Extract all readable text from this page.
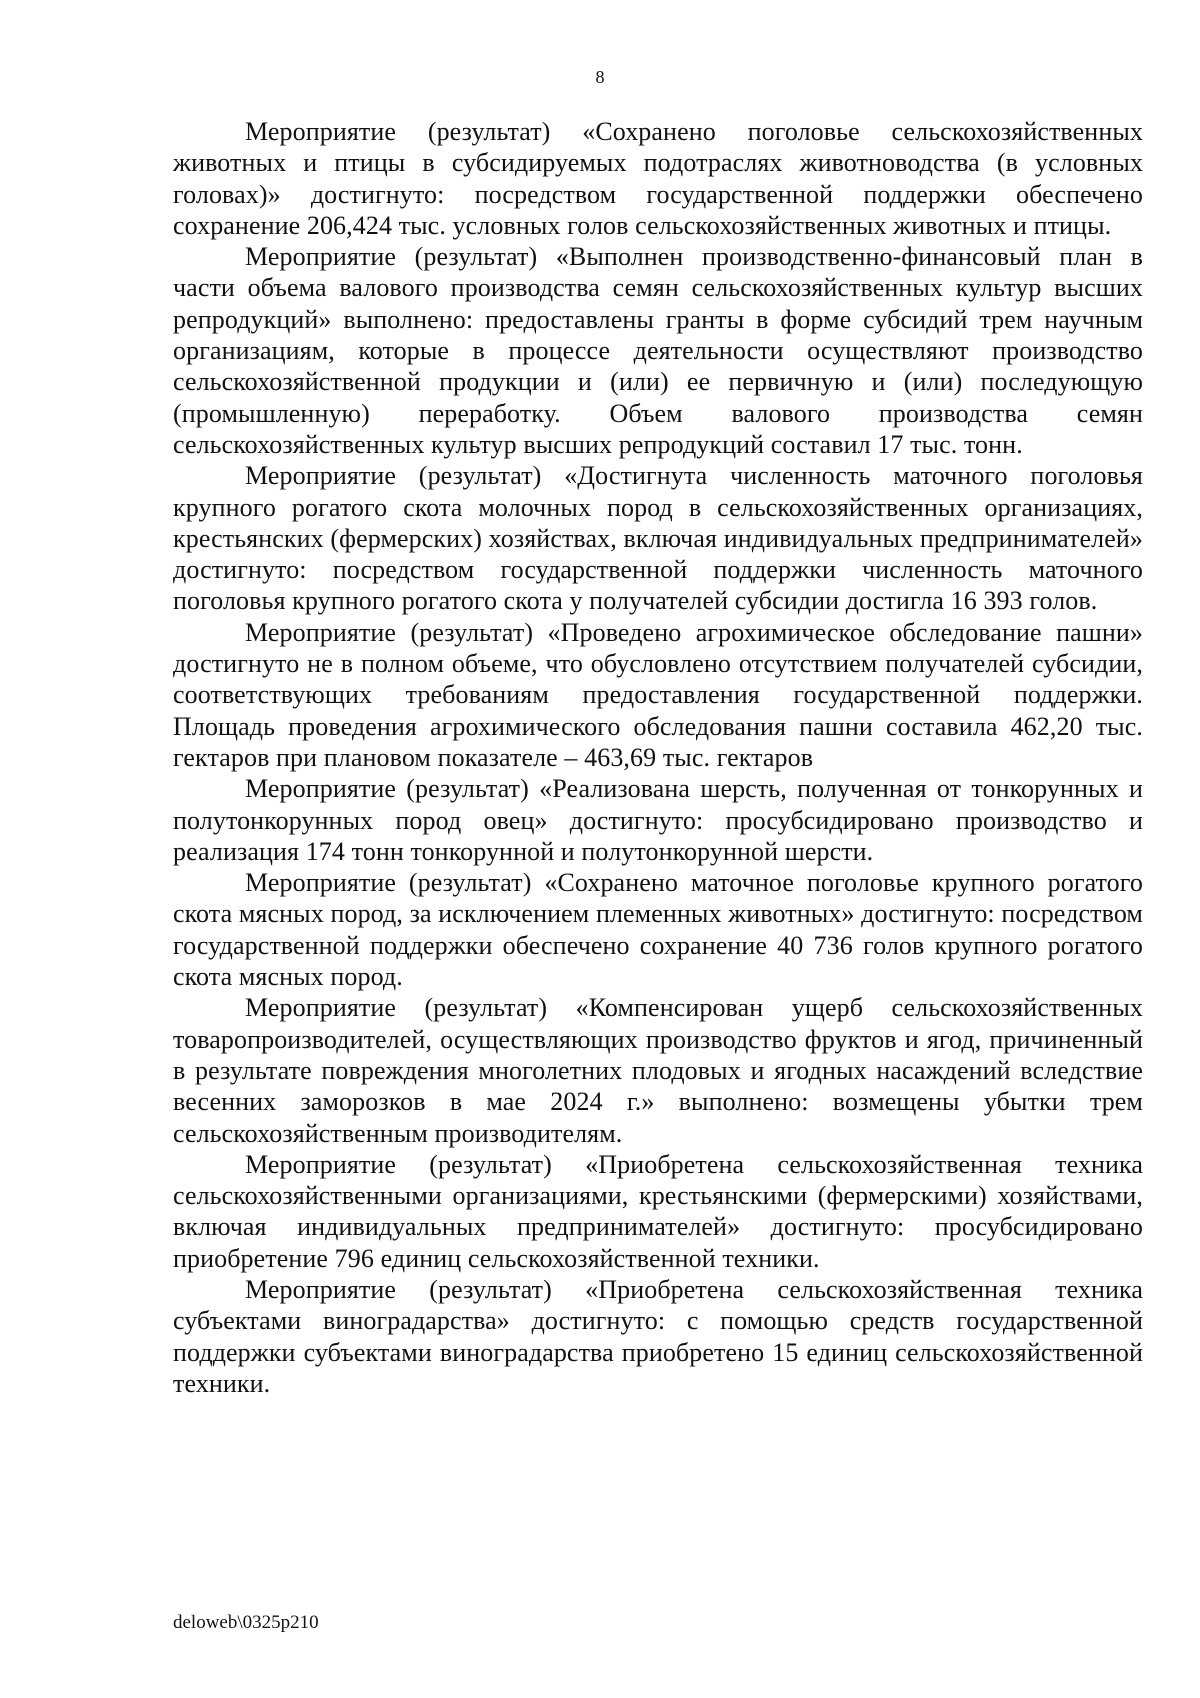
8

Мероприятие (результат) «Сохранено поголовье сельскохозяйственных животных и птицы в субсидируемых подотраслях животноводства (в условных головах)» достигнуто: посредством государственной поддержки обеспечено сохранение 206,424 тыс. условных голов сельскохозяйственных животных и птицы.

Мероприятие (результат) «Выполнен производственно-финансовый план в части объема валового производства семян сельскохозяйственных культур высших репродукций» выполнено: предоставлены гранты в форме субсидий трем научным организациям, которые в процессе деятельности осуществляют производство сельскохозяйственной продукции и (или) ее первичную и (или) последующую (промышленную) переработку. Объем валового производства семян сельскохозяйственных культур высших репродукций составил 17 тыс. тонн.

Мероприятие (результат) «Достигнута численность маточного поголовья крупного рогатого скота молочных пород в сельскохозяйственных организациях, крестьянских (фермерских) хозяйствах, включая индивидуальных предпринимателей» достигнуто: посредством государственной поддержки численность маточного поголовья крупного рогатого скота у получателей субсидии достигла 16 393 голов.

Мероприятие (результат) «Проведено агрохимическое обследование пашни» достигнуто не в полном объеме, что обусловлено отсутствием получателей субсидии, соответствующих требованиям предоставления государственной поддержки. Площадь проведения агрохимического обследования пашни составила 462,20 тыс. гектаров при плановом показателе – 463,69 тыс. гектаров

Мероприятие (результат) «Реализована шерсть, полученная от тонкорунных и полутонкорунных пород овец» достигнуто: просубсидировано производство и реализация 174 тонн тонкорунной и полутонкорунной шерсти.

Мероприятие (результат) «Сохранено маточное поголовье крупного рогатого скота мясных пород, за исключением племенных животных» достигнуто: посредством государственной поддержки обеспечено сохранение 40 736 голов крупного рогатого скота мясных пород.

Мероприятие (результат) «Компенсирован ущерб сельскохозяйственных товаропроизводителей, осуществляющих производство фруктов и ягод, причиненный в результате повреждения многолетних плодовых и ягодных насаждений вследствие весенних заморозков в мае 2024 г.» выполнено: возмещены убытки трем сельскохозяйственным производителям.

Мероприятие (результат) «Приобретена сельскохозяйственная техника сельскохозяйственными организациями, крестьянскими (фермерскими) хозяйствами, включая индивидуальных предпринимателей» достигнуто: просубсидировано приобретение 796 единиц сельскохозяйственной техники.

Мероприятие (результат) «Приобретена сельскохозяйственная техника субъектами виноградарства» достигнуто: с помощью средств государственной поддержки субъектами виноградарства приобретено 15 единиц сельскохозяйственной техники.

deloweb\0325p210
